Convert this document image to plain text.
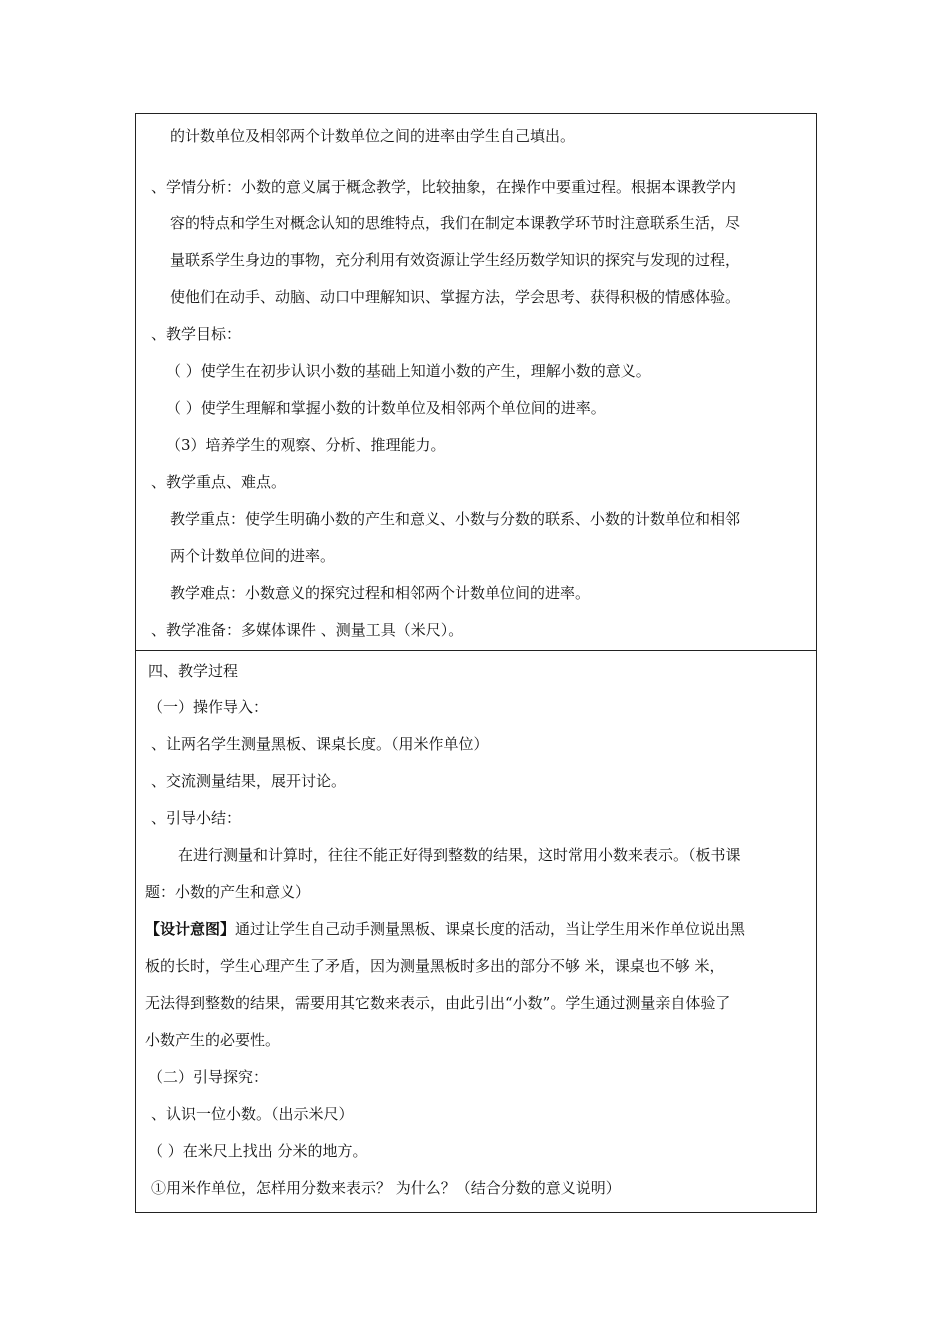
的计数单位及相邻两个计数单位之间的进率由学生自己填出。
、学情分析：小数的意义属于概念教学，比较抽象，在操作中要重过程。根据本课教学内
容的特点和学生对概念认知的思维特点，我们在制定本课教学环节时注意联系生活，尽
量联系学生身边的事物，充分利用有效资源让学生经历数学知识的探究与发现的过程，
使他们在动手、动脑、动口中理解知识、掌握方法，学会思考、获得积极的情感体验。
、教学目标：
（ ）使学生在初步认识小数的基础上知道小数的产生，理解小数的意义。
（ ）使学生理解和掌握小数的计数单位及相邻两个单位间的进率。
（3）培养学生的观察、分析、推理能力。
、教学重点、难点。
教学重点：使学生明确小数的产生和意义、小数与分数的联系、小数的计数单位和相邻
两个计数单位间的进率。
教学难点：小数意义的探究过程和相邻两个计数单位间的进率。
、教学准备：多媒体课件 、测量工具（米尺）。
四、教学过程
（一）操作导入：
、让两名学生测量黑板、课桌长度。（用米作单位）
、交流测量结果，展开讨论。
、引导小结：
在进行测量和计算时，往往不能正好得到整数的结果，这时常用小数来表示。（板书课
题：小数的产生和意义）
【设计意图】通过让学生自己动手测量黑板、课桌长度的活动，当让学生用米作单位说出黑
板的长时，学生心理产生了矛盾，因为测量黑板时多出的部分不够 米，课桌也不够 米，
无法得到整数的结果，需要用其它数来表示，由此引出“小数”。学生通过测量亲自体验了
小数产生的必要性。
（二）引导探究：
、认识一位小数。（出示米尺）
（ ）在米尺上找出 分米的地方。
①用米作单位，怎样用分数来表示？ 为什么？（结合分数的意义说明）
